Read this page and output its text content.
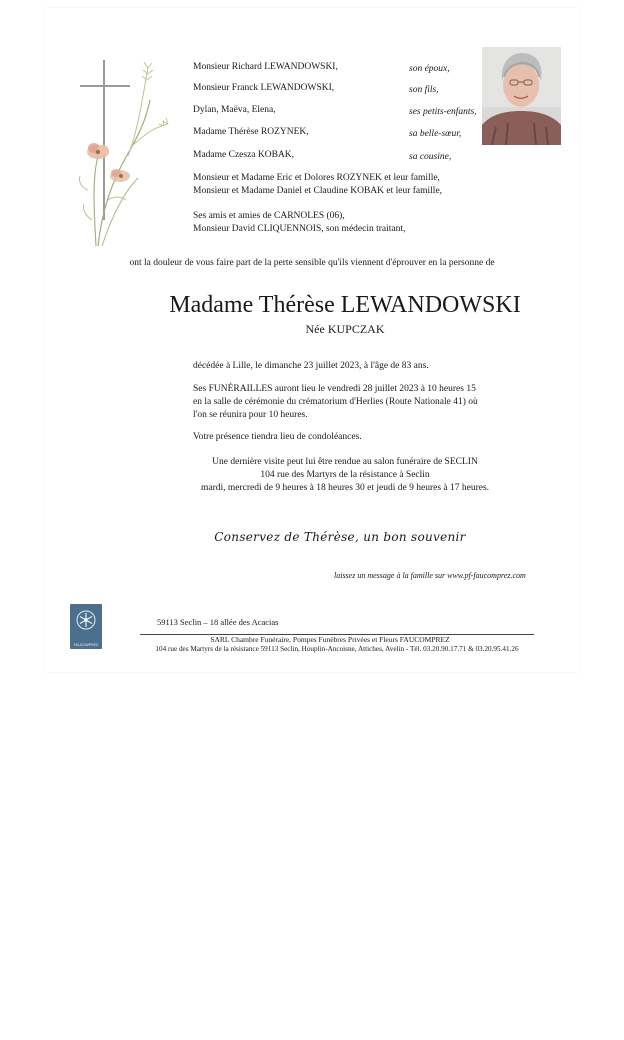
Monsieur Richard LEWANDOWSKI,	son époux,
Monsieur Franck LEWANDOWSKI,	son fils,
Dylan, Maëva, Elena,	ses petits-enfants,
Madame Thérèse ROZYNEK,	sa belle-sœur,
Madame Czesza KOBAK,	sa cousine,
Monsieur et Madame Eric et Dolores ROZYNEK et leur famille,
Monsieur et Madame Daniel et Claudine KOBAK et leur famille,
Ses amis et amies de CARNOLES (06),
Monsieur David CLIQUENNOIS, son médecin traitant,
ont la douleur de vous faire part de la perte sensible qu'ils viennent d'éprouver en la personne de
Madame Thérèse LEWANDOWSKI
Née KUPCZAK
décédée à Lille, le dimanche 23 juillet 2023, à l'âge de 83 ans.
Ses FUNÉRAILLES auront lieu le vendredi 28 juillet 2023 à 10 heures 15
en la salle de cérémonie du crématorium d'Herlies (Route Nationale 41) où
l'on se réunira pour 10 heures.
Votre présence tiendra lieu de condoléances.
Une dernière visite peut lui être rendue au salon funéraire de SECLIN
104 rue des Martyrs de la résistance à Seclin
mardi, mercredi de 9 heures à 18 heures 30 et jeudi de 9 heures à 17 heures.
Conservez de Thérèse, un bon souvenir
laissez un message à la famille sur www.pf-faucomprez.com
FAUCOMPREZ
59113 Seclin – 18 allée des Acacias
SARL Chambre Funéraire, Pompes Funèbres Privées et Fleurs FAUCOMPREZ
104 rue des Martyrs de la résistance 59113 Seclin, Houplin-Ancoisne, Attiches, Avelin - Tél. 03.20.90.17.71 & 03.20.95.41.26
